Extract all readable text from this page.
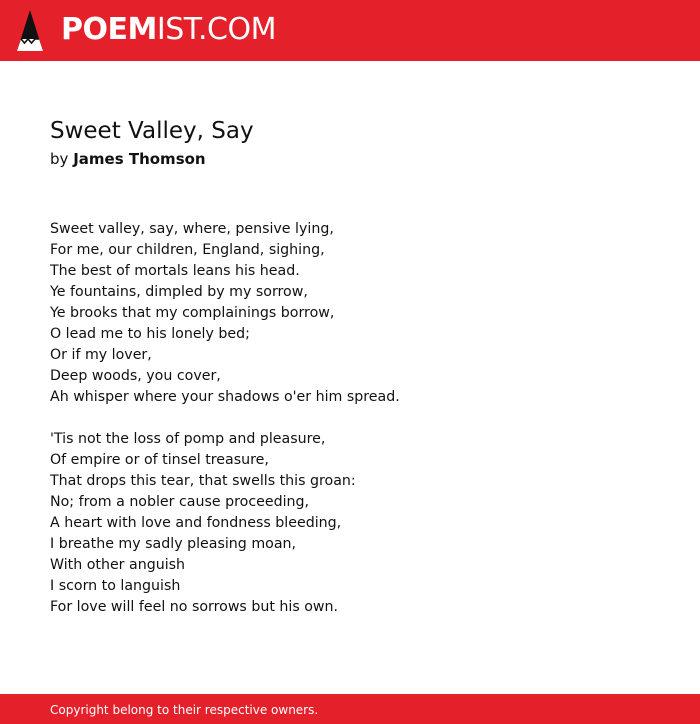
POEMIST.COM
Sweet Valley, Say
by James Thomson
Sweet valley, say, where, pensive lying,
For me, our children, England, sighing,
The best of mortals leans his head.
Ye fountains, dimpled by my sorrow,
Ye brooks that my complainings borrow,
O lead me to his lonely bed;
Or if my lover,
Deep woods, you cover,
Ah whisper where your shadows o'er him spread.
'Tis not the loss of pomp and pleasure,
Of empire or of tinsel treasure,
That drops this tear, that swells this groan:
No; from a nobler cause proceeding,
A heart with love and fondness bleeding,
I breathe my sadly pleasing moan,
With other anguish
I scorn to languish
For love will feel no sorrows but his own.
Copyright belong to their respective owners.
